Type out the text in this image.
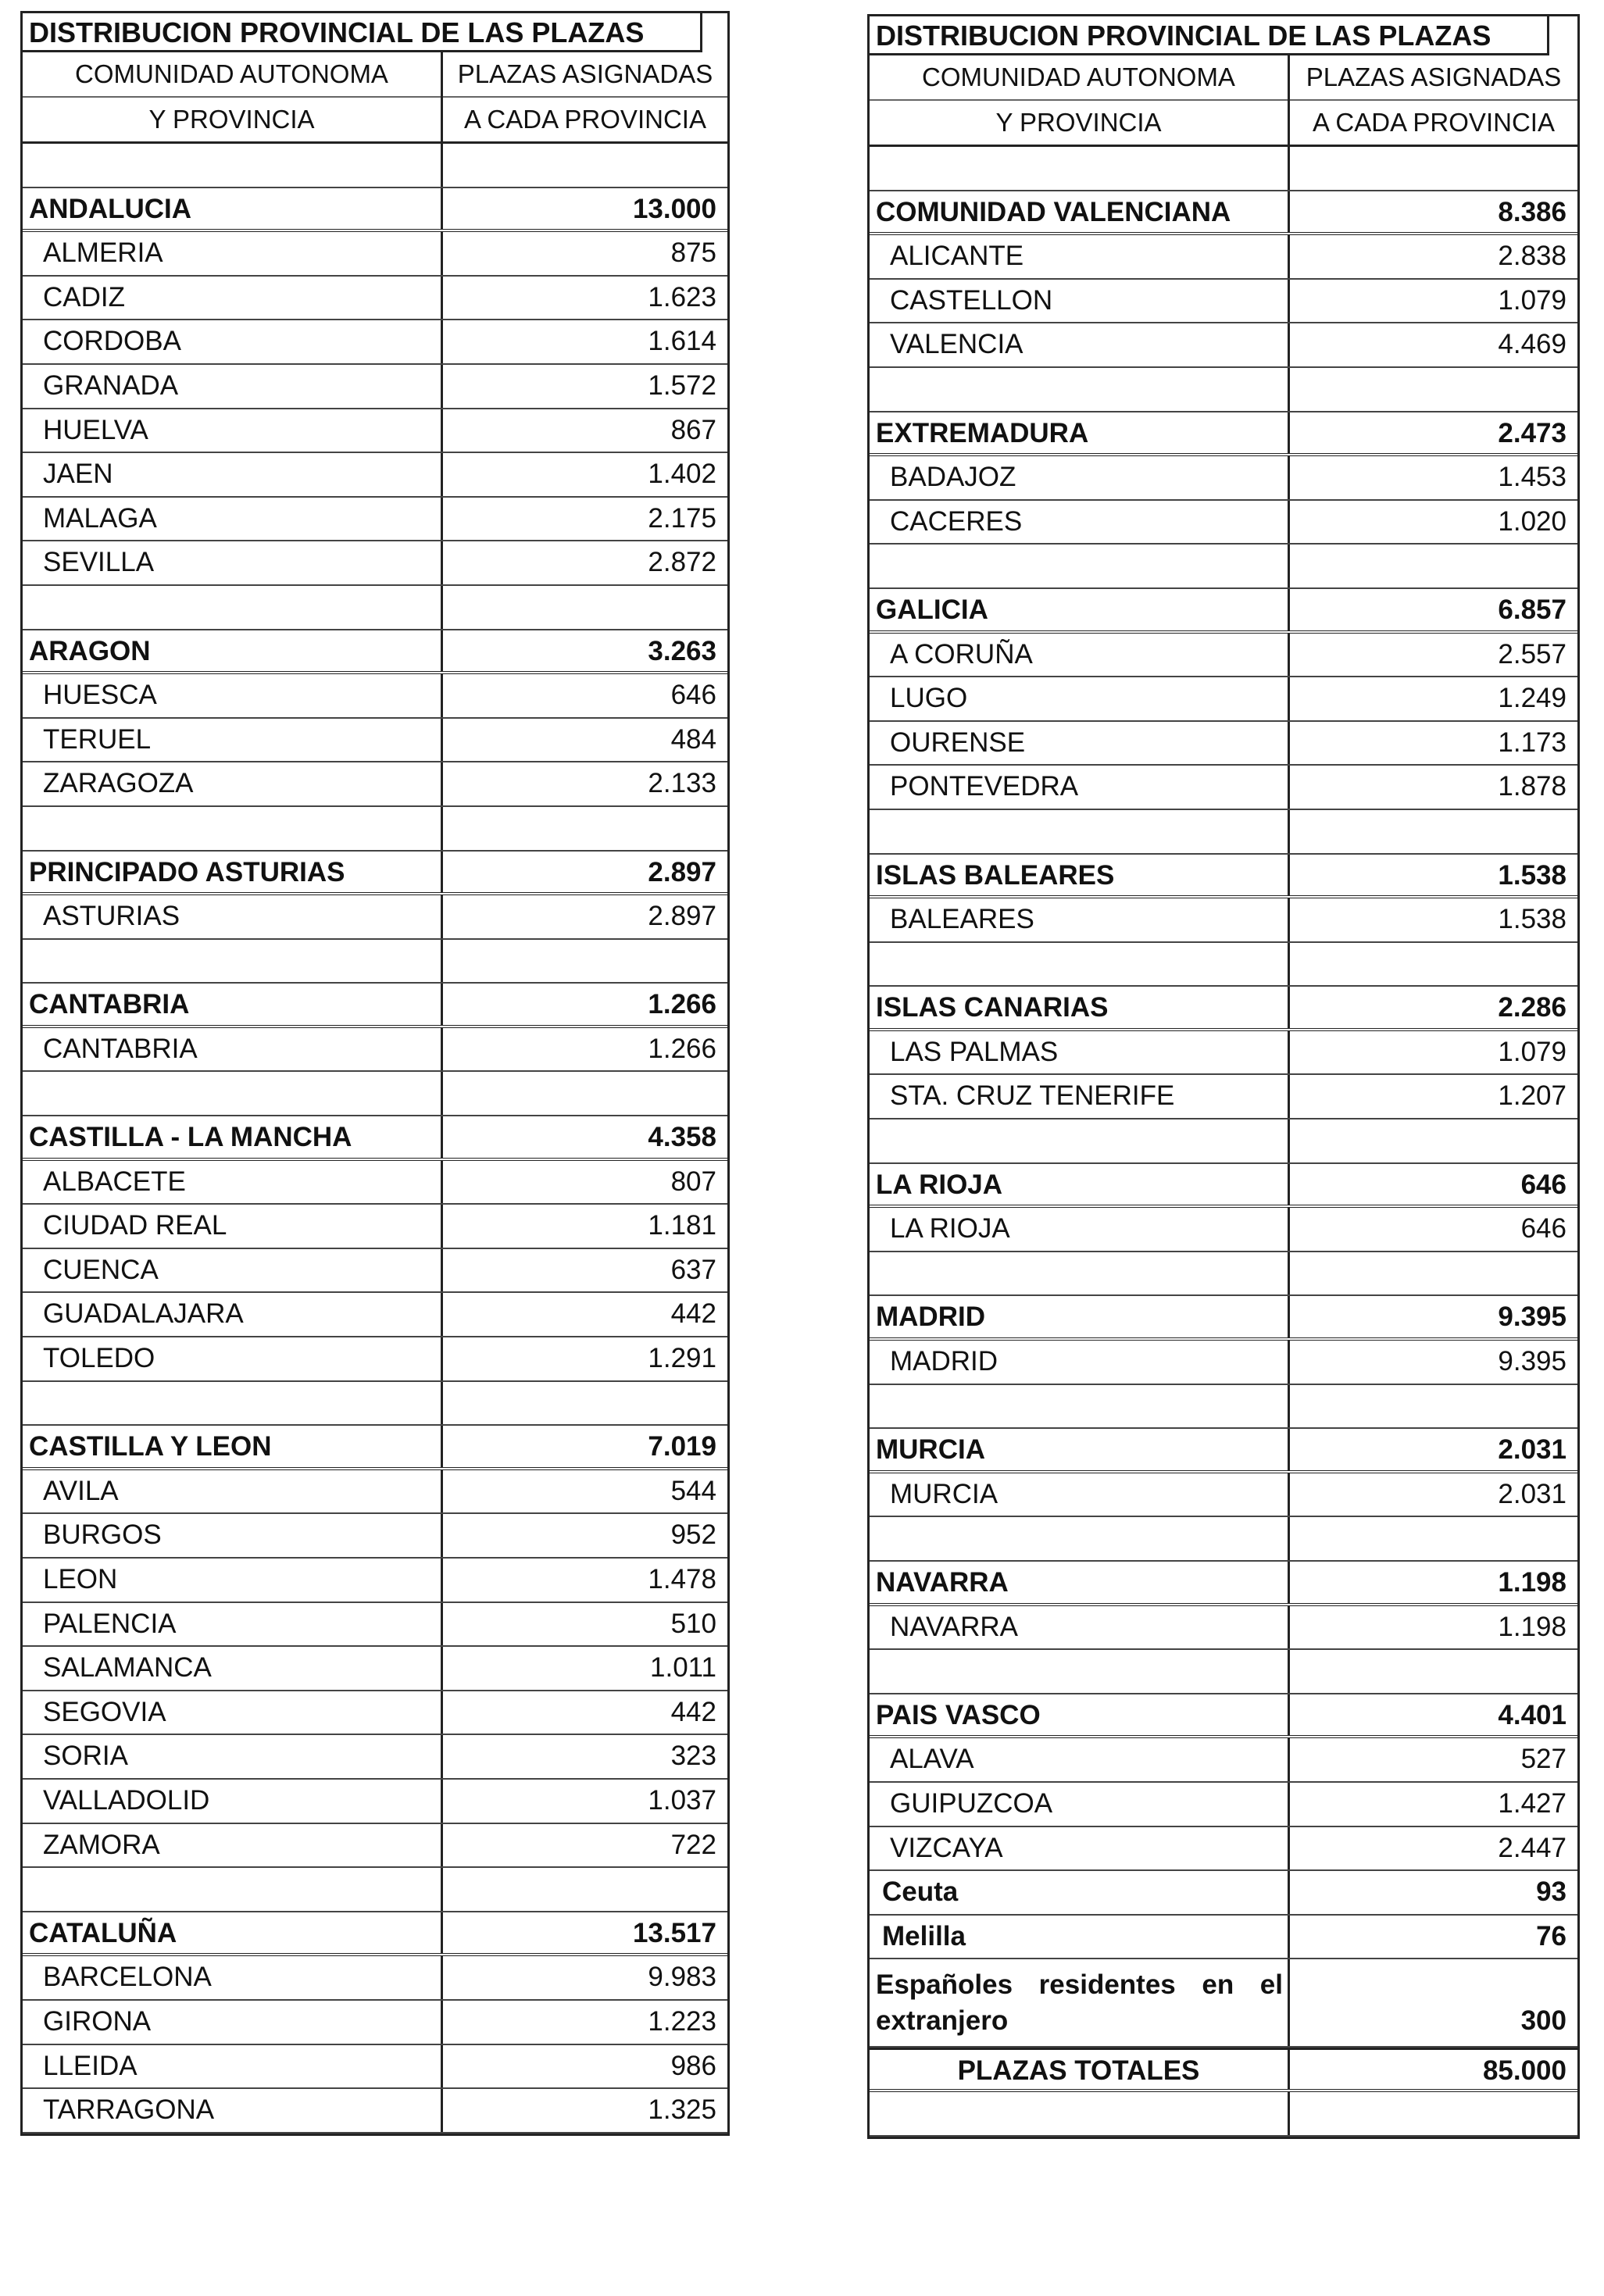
DISTRIBUCION PROVINCIAL DE LAS PLAZAS
COMUNIDAD AUTONOMA
Y PROVINCIA
PLAZAS ASIGNADAS
A CADA PROVINCIA
ANDALUCIA	13.000
ALMERIA	875
CADIZ	1.623
CORDOBA	1.614
GRANADA	1.572
HUELVA	867
JAEN	1.402
MALAGA	2.175
SEVILLA	2.872
ARAGON	3.263
HUESCA	646
TERUEL	484
ZARAGOZA	2.133
PRINCIPADO ASTURIAS	2.897
ASTURIAS	2.897
CANTABRIA	1.266
CANTABRIA	1.266
CASTILLA - LA MANCHA	4.358
ALBACETE	807
CIUDAD REAL	1.181
CUENCA	637
GUADALAJARA	442
TOLEDO	1.291
CASTILLA Y LEON	7.019
AVILA	544
BURGOS	952
LEON	1.478
PALENCIA	510
SALAMANCA	1.011
SEGOVIA	442
SORIA	323
VALLADOLID	1.037
ZAMORA	722
CATALUÑA	13.517
BARCELONA	9.983
GIRONA	1.223
LLEIDA	986
TARRAGONA	1.325
DISTRIBUCION PROVINCIAL DE LAS PLAZAS
COMUNIDAD AUTONOMA
Y PROVINCIA
PLAZAS ASIGNADAS
A CADA PROVINCIA
COMUNIDAD VALENCIANA	8.386
ALICANTE	2.838
CASTELLON	1.079
VALENCIA	4.469
EXTREMADURA	2.473
BADAJOZ	1.453
CACERES	1.020
GALICIA	6.857
A CORUÑA	2.557
LUGO	1.249
OURENSE	1.173
PONTEVEDRA	1.878
ISLAS BALEARES	1.538
BALEARES	1.538
ISLAS CANARIAS	2.286
LAS PALMAS	1.079
STA. CRUZ TENERIFE	1.207
LA RIOJA	646
LA RIOJA	646
MADRID	9.395
MADRID	9.395
MURCIA	2.031
MURCIA	2.031
NAVARRA	1.198
NAVARRA	1.198
PAIS VASCO	4.401
ALAVA	527
GUIPUZCOA	1.427
VIZCAYA	2.447
Ceuta	93
Melilla	76
Españoles residentes en el extranjero	300
PLAZAS TOTALES	85.000
